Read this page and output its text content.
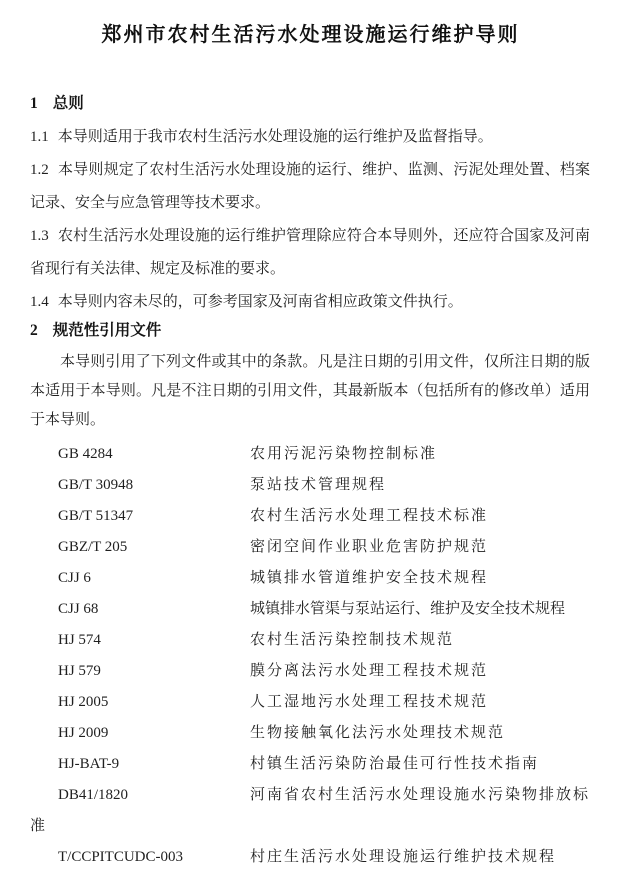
郑州市农村生活污水处理设施运行维护导则
1 总则

1.1 本导则适用于我市农村生活污水处理设施的运行维护及监督指导。

1.2 本导则规定了农村生活污水处理设施的运行、维护、监测、污泥处理处置、档案记录、安全与应急管理等技术要求。

1.3 农村生活污水处理设施的运行维护管理除应符合本导则外，还应符合国家及河南省现行有关法律、规定及标准的要求。

1.4 本导则内容未尽的，可参考国家及河南省相应政策文件执行。

2 规范性引用文件

本导则引用了下列文件或其中的条款。凡是注日期的引用文件，仅所注日期的版本适用于本导则。凡是不注日期的引用文件，其最新版本（包括所有的修改单）适用于本导则。

GB 4284	农用污泥污染物控制标准
GB/T 30948	泵站技术管理规程
GB/T 51347	农村生活污水处理工程技术标准
GBZ/T 205	密闭空间作业职业危害防护规范
CJJ 6	城镇排水管道维护安全技术规程
CJJ 68	城镇排水管渠与泵站运行、维护及安全技术规程
HJ 574	农村生活污染控制技术规范
HJ 579	膜分离法污水处理工程技术规范
HJ 2005	人工湿地污水处理工程技术规范
HJ 2009	生物接触氧化法污水处理技术规范
HJ-BAT-9	村镇生活污染防治最佳可行性技术指南
DB41/1820	河南省农村生活污水处理设施水污染物排放标准
T/CCPITCUDC-003	村庄生活污水处理设施运行维护技术规程
